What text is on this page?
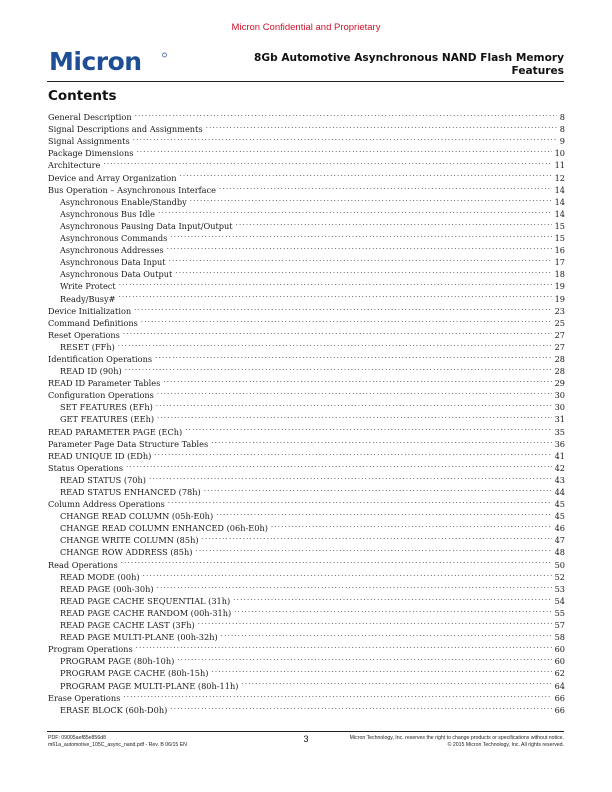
Micron Confidential and Proprietary
Micron	8Gb Automotive Asynchronous NAND Flash Memory
Features
Contents
General Description .....	8
Signal Descriptions and Assignments .....	8
Signal Assignments .....	9
Package Dimensions .....	10
Architecture .....	11
Device and Array Organization .....	12
Bus Operation – Asynchronous Interface .....	14
Asynchronous Enable/Standby .....	14
Asynchronous Bus Idle .....	14
Asynchronous Pausing Data Input/Output .....	15
Asynchronous Commands .....	15
Asynchronous Addresses .....	16
Asynchronous Data Input .....	17
Asynchronous Data Output .....	18
Write Protect .....	19
Ready/Busy# .....	19
Device Initialization .....	23
Command Definitions .....	25
Reset Operations .....	27
RESET (FFh) .....	27
Identification Operations .....	28
READ ID (90h) .....	28
READ ID Parameter Tables .....	29
Configuration Operations .....	30
SET FEATURES (EFh) .....	30
GET FEATURES (EEh) .....	31
READ PARAMETER PAGE (ECh) .....	35
Parameter Page Data Structure Tables .....	36
READ UNIQUE ID (EDh) .....	41
Status Operations .....	42
READ STATUS (70h) .....	43
READ STATUS ENHANCED (78h) .....	44
Column Address Operations .....	45
CHANGE READ COLUMN (05h-E0h) .....	45
CHANGE READ COLUMN ENHANCED (06h-E0h) .....	46
CHANGE WRITE COLUMN (85h) .....	47
CHANGE ROW ADDRESS (85h) .....	48
Read Operations .....	50
READ MODE (00h) .....	52
READ PAGE (00h-30h) .....	53
READ PAGE CACHE SEQUENTIAL (31h) .....	54
READ PAGE CACHE RANDOM (00h-31h) .....	55
READ PAGE CACHE LAST (3Fh) .....	57
READ PAGE MULTI-PLANE (00h-32h) .....	58
Program Operations .....	60
PROGRAM PAGE (80h-10h) .....	60
PROGRAM PAGE CACHE (80h-15h) .....	62
PROGRAM PAGE MULTI-PLANE (80h-11h) .....	64
Erase Operations .....	66
ERASE BLOCK (60h-D0h) .....	66
PDF: 09005aef85e856d8
m61a_automotive_105C_async_nand.pdf - Rev. B 06/15 EN
3	Micron Technology, Inc. reserves the right to change products or specifications without notice.
© 2015 Micron Technology, Inc. All rights reserved.
